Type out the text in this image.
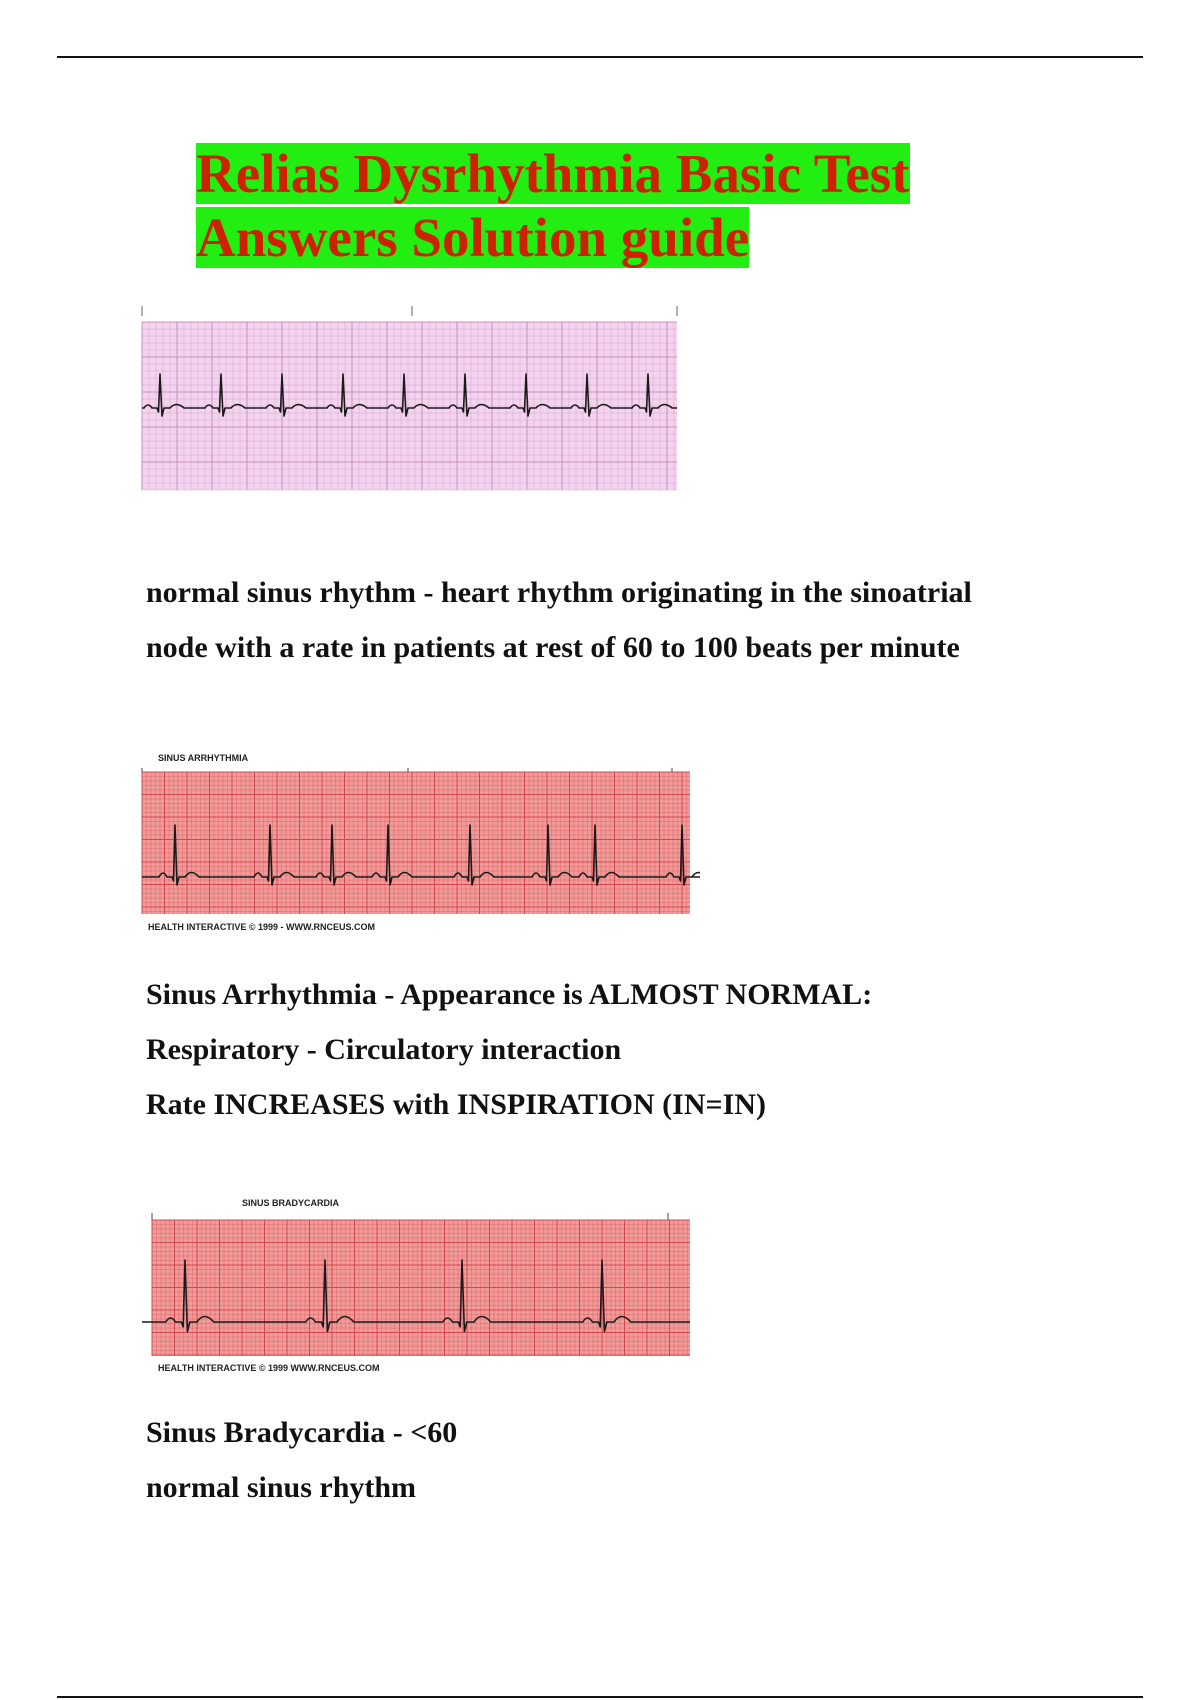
Relias Dysrhythmia Basic Test
Answers Solution guide

normal sinus rhythm - heart rhythm originating in the sinoatrial

node with a rate in patients at rest of 60 to 100 beats per minute

SINUS ARRHYTHMIA
HEALTH INTERACTIVE © 1999 - WWW.RNCEUS.COM

Sinus Arrhythmia - Appearance is ALMOST NORMAL:

Respiratory - Circulatory interaction

Rate INCREASES with INSPIRATION (IN=IN)

SINUS BRADYCARDIA
HEALTH INTERACTIVE © 1999 WWW.RNCEUS.COM

Sinus Bradycardia - <60

normal sinus rhythm
